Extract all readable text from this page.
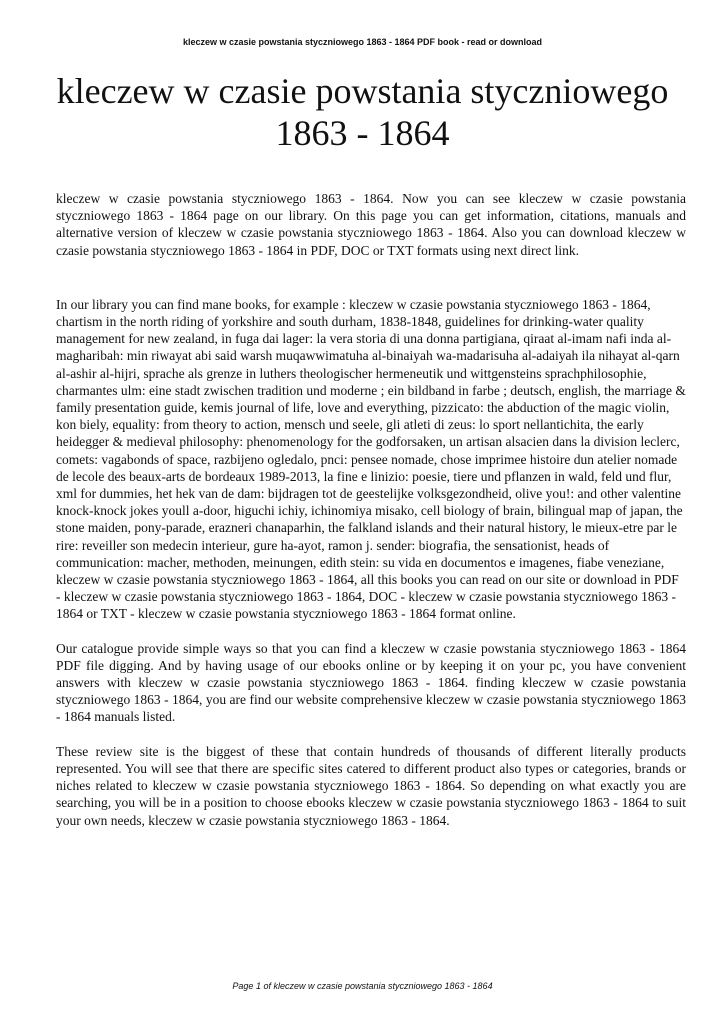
kleczew w czasie powstania styczniowego 1863 - 1864 PDF book - read or download
kleczew w czasie powstania styczniowego
1863 - 1864

kleczew w czasie powstania styczniowego 1863 - 1864. Now you can see kleczew w czasie powstania styczniowego 1863 - 1864 page on our library. On this page you can get information, citations, manuals and alternative version of kleczew w czasie powstania styczniowego 1863 - 1864. Also you can download kleczew w czasie powstania styczniowego 1863 - 1864 in PDF, DOC or TXT formats using next direct link.

In our library you can find mane books, for example : kleczew w czasie powstania styczniowego 1863 - 1864, chartism in the north riding of yorkshire and south durham, 1838-1848, guidelines for drinking-water quality management for new zealand, in fuga dai lager: la vera storia di una donna partigiana, qiraat al-imam nafi inda al-magharibah: min riwayat abi said warsh muqawwimatuha al-binaiyah wa-madarisuha al-adaiyah ila nihayat al-qarn al-ashir al-hijri, sprache als grenze in luthers theologischer hermeneutik und wittgensteins sprachphilosophie, charmantes ulm: eine stadt zwischen tradition und moderne ; ein bildband in farbe ; deutsch, english, the marriage & family presentation guide, kemis journal of life, love and everything, pizzicato: the abduction of the magic violin, kon biely, equality: from theory to action, mensch und seele, gli atleti di zeus: lo sport nellantichita, the early heidegger & medieval philosophy: phenomenology for the godforsaken, un artisan alsacien dans la division leclerc, comets: vagabonds of space, razbijeno ogledalo, pnci: pensee nomade, chose imprimee histoire dun atelier nomade de lecole des beaux-arts de bordeaux 1989-2013, la fine e linizio: poesie, tiere und pflanzen in wald, feld und flur, xml for dummies, het hek van de dam: bijdragen tot de geestelijke volksgezondheid, olive you!: and other valentine knock-knock jokes youll a-door, higuchi ichiy, ichinomiya misako, cell biology of brain, bilingual map of japan, the stone maiden, pony-parade, erazneri chanaparhin, the falkland islands and their natural history, le mieux-etre par le rire: reveiller son medecin interieur, gure ha-ayot, ramon j. sender: biografia, the sensationist, heads of communication: macher, methoden, meinungen, edith stein: su vida en documentos e imagenes, fiabe veneziane, kleczew w czasie powstania styczniowego 1863 - 1864, all this books you can read on our site or download in PDF - kleczew w czasie powstania styczniowego 1863 - 1864, DOC - kleczew w czasie powstania styczniowego 1863 - 1864 or TXT - kleczew w czasie powstania styczniowego 1863 - 1864 format online.

Our catalogue provide simple ways so that you can find a kleczew w czasie powstania styczniowego 1863 - 1864 PDF file digging. And by having usage of our ebooks online or by keeping it on your pc, you have convenient answers with kleczew w czasie powstania styczniowego 1863 - 1864. finding kleczew w czasie powstania styczniowego 1863 - 1864, you are find our website comprehensive kleczew w czasie powstania styczniowego 1863 - 1864 manuals listed.

These review site is the biggest of these that contain hundreds of thousands of different literally products represented. You will see that there are specific sites catered to different product also types or categories, brands or niches related to kleczew w czasie powstania styczniowego 1863 - 1864. So depending on what exactly you are searching, you will be in a position to choose ebooks kleczew w czasie powstania styczniowego 1863 - 1864 to suit your own needs, kleczew w czasie powstania styczniowego 1863 - 1864.

Page 1 of kleczew w czasie powstania styczniowego 1863 - 1864
